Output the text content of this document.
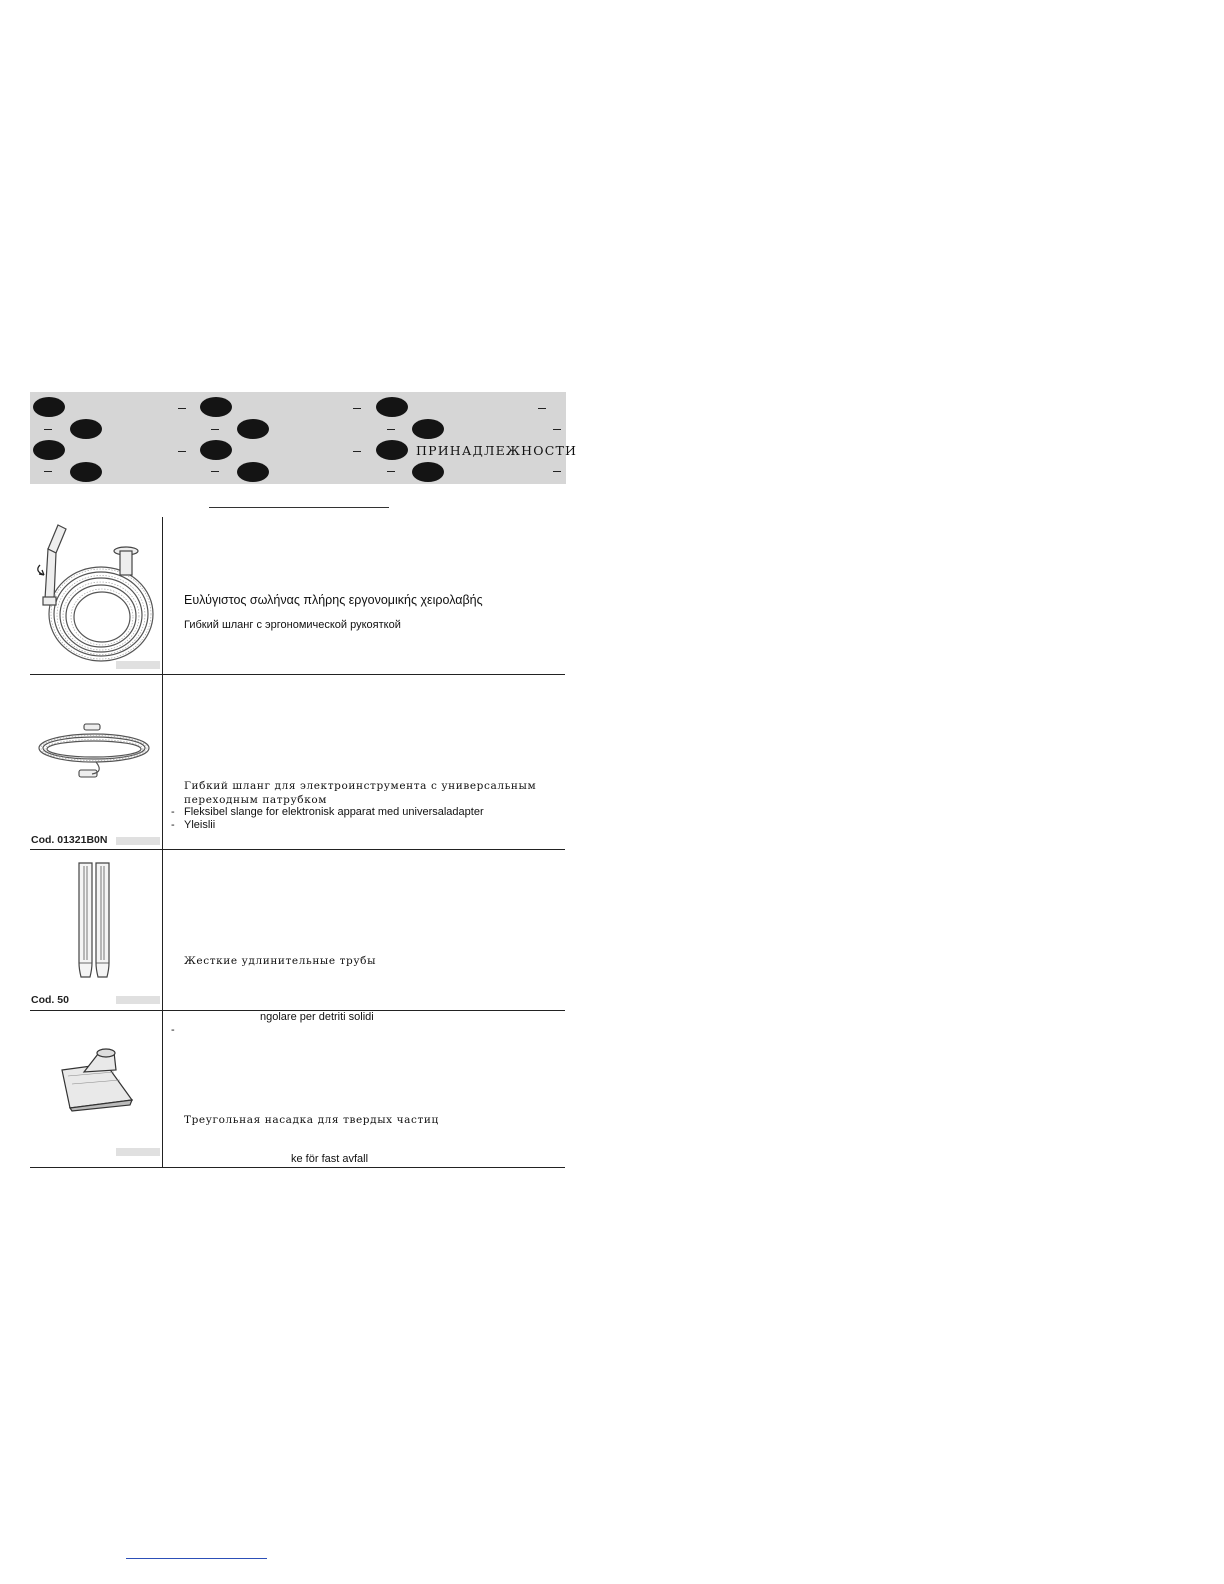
ПРИНАДЛЕЖНОСТИ
Ευλύγιστος σωλήνας πλήρης εργονομικής χειρολαβής
Гибкий шланг с эргономической рукояткой
Cod. 01321B0N
Гибкий шланг для электроинструмента с универсальным
переходным патрубком
- Fleksibel slange for elektronisk apparat med universaladapter
- Yleislii
Cod. 50
Жесткие удлинительные трубы
ngolare per detriti solidi
-
Треугольная насадка для твердых частиц
ke för fast avfall
